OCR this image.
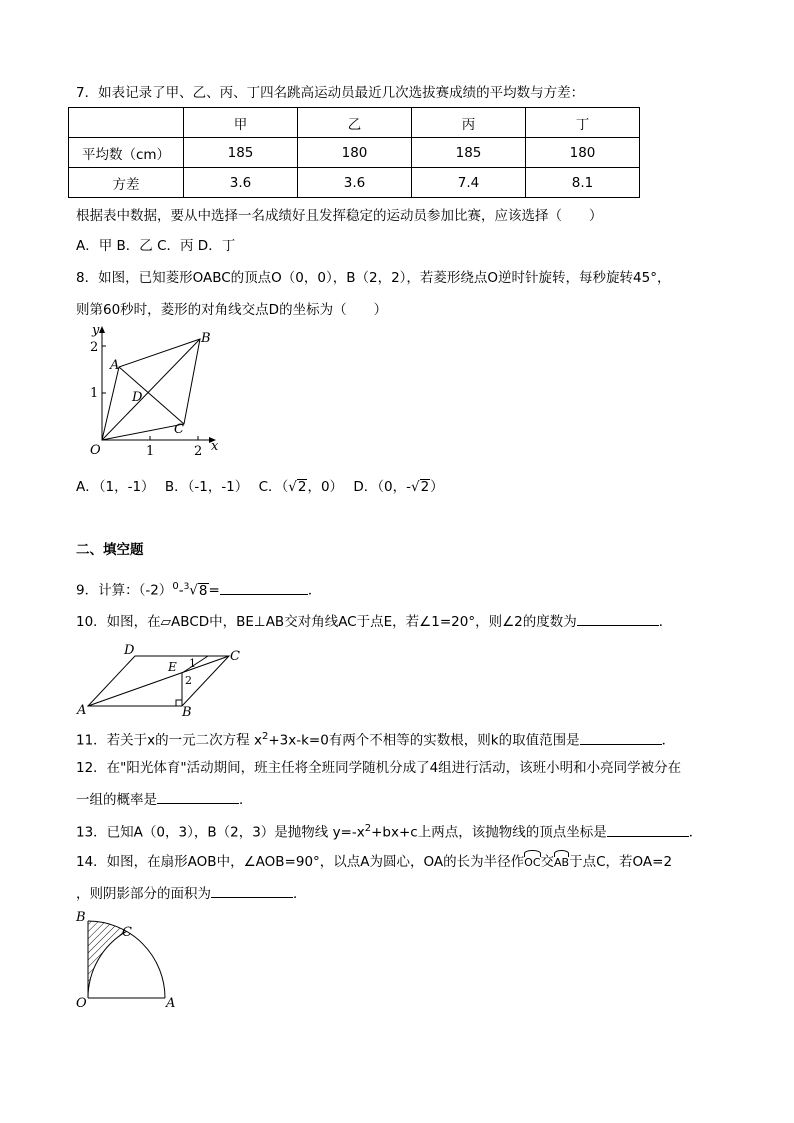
7．如表记录了甲、乙、丙、丁四名跳高运动员最近几次选拔赛成绩的平均数与方差：
	甲	乙	丙	丁
平均数（cm）	185	180	185	180
方差	3.6	3.6	7.4	8.1
根据表中数据，要从中选择一名成绩好且发挥稳定的运动员参加比赛，应该选择（　　）
A．甲 B．乙 C．丙 D．丁
8．如图，已知菱形OABC的顶点O（0，0），B（2，2），若菱形绕点O逆时针旋转，每秒旋转45°，
则第60秒时，菱形的对角线交点D的坐标为（　　）
y
x
O
A
B
C
D
1	2
1
2
A．（1，-1） B．（-1，-1） C．（√2，0） D．（0，-√2）
二、填空题
9．计算：$(-2)^0-^3√8=$	．
10．如图，在▱ABCD中，BE⊥AB交对角线AC于点E，若∠1=20°，则∠2的度数为	．
A	B
C
D
E 1
2
11．若关于x的一元二次方程 $x^2+3x-k=0$有两个不相等的实数根，则k的取值范围是	．
12．在"阳光体育"活动期间，班主任将全班同学随机分成了4组进行活动，该班小明和小亮同学被分在
一组的概率是	．
13．已知A（0，3），B（2，3）是抛物线 $y=-x^2+bx+c$上两点，该抛物线的顶点坐标是	．
14．如图，在扇形AOB中，∠AOB=90°，以点A为圆心，OA的长为半径作OC交AB于点C，若OA=2
，则阴影部分的面积为	．
O	A
B
C
